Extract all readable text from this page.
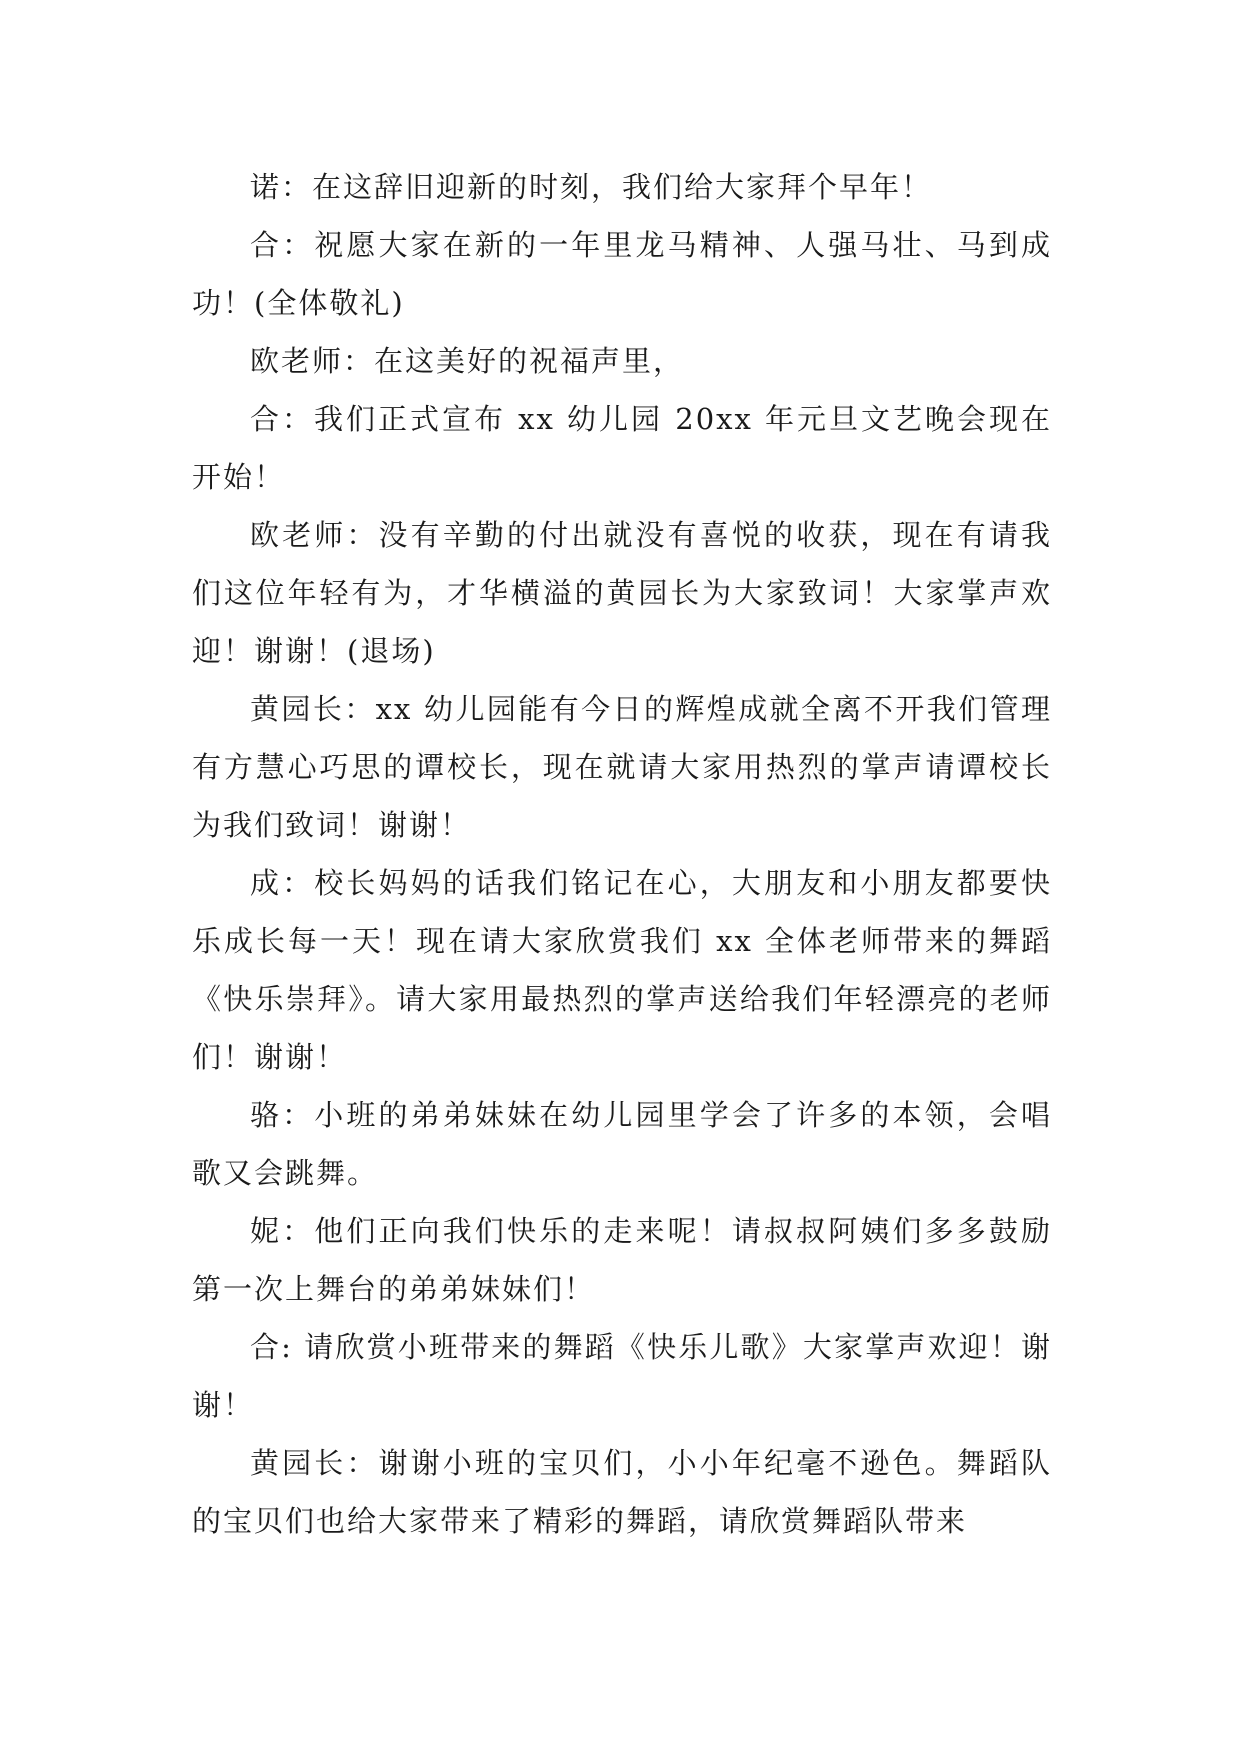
诺：在这辞旧迎新的时刻，我们给大家拜个早年！

合：祝愿大家在新的一年里龙马精神、人强马壮、马到成功！(全体敬礼)

欧老师：在这美好的祝福声里，

合：我们正式宣布 xx 幼儿园 20xx 年元旦文艺晚会现在开始！

欧老师：没有辛勤的付出就没有喜悦的收获，现在有请我们这位年轻有为，才华横溢的黄园长为大家致词！大家掌声欢迎！谢谢！(退场)

黄园长：xx 幼儿园能有今日的辉煌成就全离不开我们管理有方慧心巧思的谭校长，现在就请大家用热烈的掌声请谭校长为我们致词！谢谢！

成：校长妈妈的话我们铭记在心，大朋友和小朋友都要快乐成长每一天！现在请大家欣赏我们 xx 全体老师带来的舞蹈《快乐崇拜》。请大家用最热烈的掌声送给我们年轻漂亮的老师们！谢谢！

骆：小班的弟弟妹妹在幼儿园里学会了许多的本领，会唱歌又会跳舞。

妮：他们正向我们快乐的走来呢！请叔叔阿姨们多多鼓励第一次上舞台的弟弟妹妹们！

合: 请欣赏小班带来的舞蹈《快乐儿歌》大家掌声欢迎！谢谢！

黄园长：谢谢小班的宝贝们，小小年纪毫不逊色。舞蹈队的宝贝们也给大家带来了精彩的舞蹈，请欣赏舞蹈队带来
